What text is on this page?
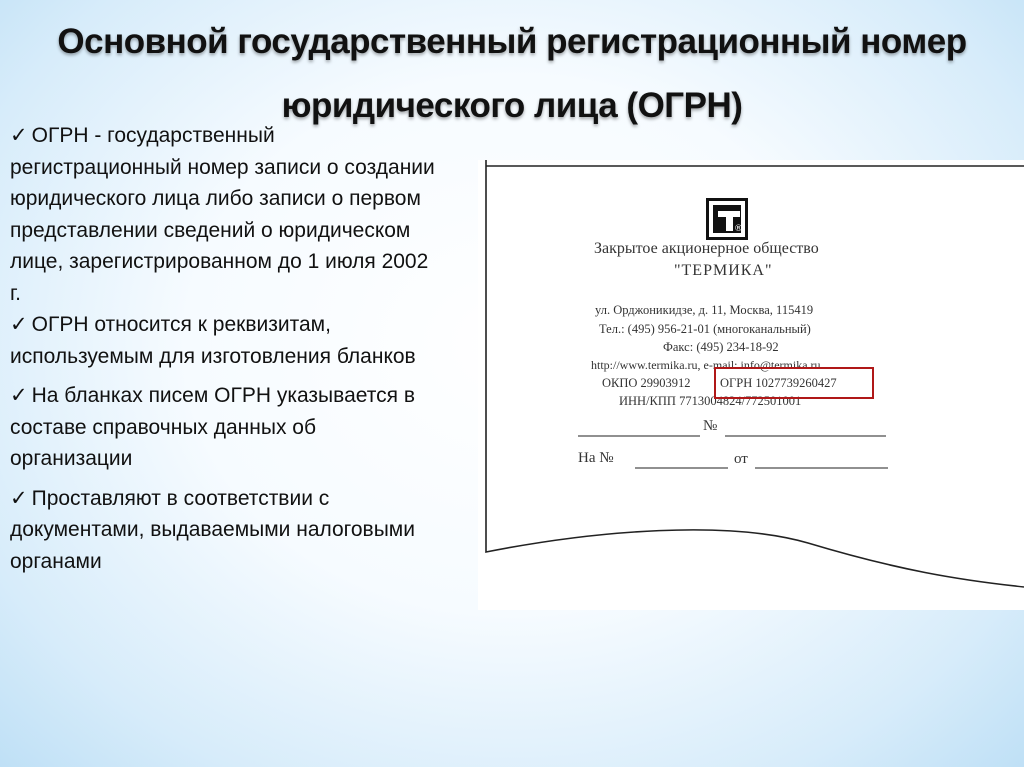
Основной государственный регистрационный номер
юридического лица (ОГРН)
✓ ОГРН - государственный регистрационный номер записи о создании юридического лица либо записи о первом представлении сведений о юридическом лице, зарегистрированном до 1 июля 2002 г.
✓ ОГРН относится к реквизитам, используемым для изготовления бланков
✓ На бланках писем ОГРН указывается в составе справочных данных об организации
✓ Проставляют в соответствии с документами, выдаваемыми налоговыми органами
®
Закрытое акционерное общество
"ТЕРМИКА"
ул. Орджоникидзе, д. 11, Москва, 115419
Тел.: (495) 956-21-01 (многоканальный)
Факс: (495) 234-18-92
http://www.termika.ru, e-mail: info@termika.ru
ОКПО 29903912 ОГРН 1027739260427
ИНН/КПП 7713004824/772501001
№
На №	от
